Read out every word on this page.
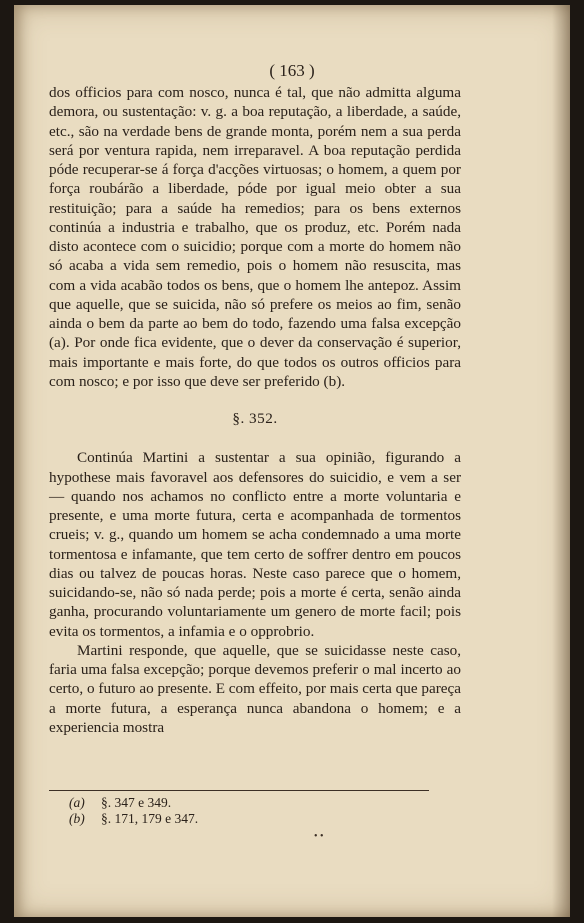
( 163 )

dos officios para com nosco, nunca é tal, que não admitta alguma demora, ou sustentação: v. g. a boa reputação, a liberdade, a saúde, etc., são na verdade bens de grande monta, porém nem a sua perda será por ventura rapida, nem irreparavel. A boa reputação perdida póde recuperar-se á força d'acções virtuosas; o homem, a quem por força roubárão a liberdade, póde por igual meio obter a sua restituição; para a saúde ha remedios; para os bens externos continúa a industria e trabalho, que os produz, etc. Porém nada disto acontece com o suicidio; porque com a morte do homem não só acaba a vida sem remedio, pois o homem não resuscita, mas com a vida acabão todos os bens, que o homem lhe antepoz. Assim que aquelle, que se suicida, não só prefere os meios ao fim, senão ainda o bem da parte ao bem do todo, fazendo uma falsa excepção (a). Por onde fica evidente, que o dever da conservação é superior, mais importante e mais forte, do que todos os outros officios para com nosco; e por isso que deve ser preferido (b).

§. 352.

Continúa Martini a sustentar a sua opinião, figurando a hypothese mais favoravel aos defensores do suicidio, e vem a ser — quando nos achamos no conflicto entre a morte voluntaria e presente, e uma morte futura, certa e acompanhada de tormentos crueis; v. g., quando um homem se acha condemnado a uma morte tormentosa e infamante, que tem certo de soffrer dentro em poucos dias ou talvez de poucas horas. Neste caso parece que o homem, suicidando-se, não só nada perde; pois a morte é certa, senão ainda ganha, procurando voluntariamente um genero de morte facil; pois evita os tormentos, a infamia e o opprobrio.

Martini responde, que aquelle, que se suicidasse neste caso, faria uma falsa excepção; porque devemos preferir o mal incerto ao certo, o futuro ao presente. E com effeito, por mais certa que pareça a morte futura, a esperança nunca abandona o homem; e a experiencia mostra

(a) §. 347 e 349.
(b) §. 171, 179 e 347.
• •
